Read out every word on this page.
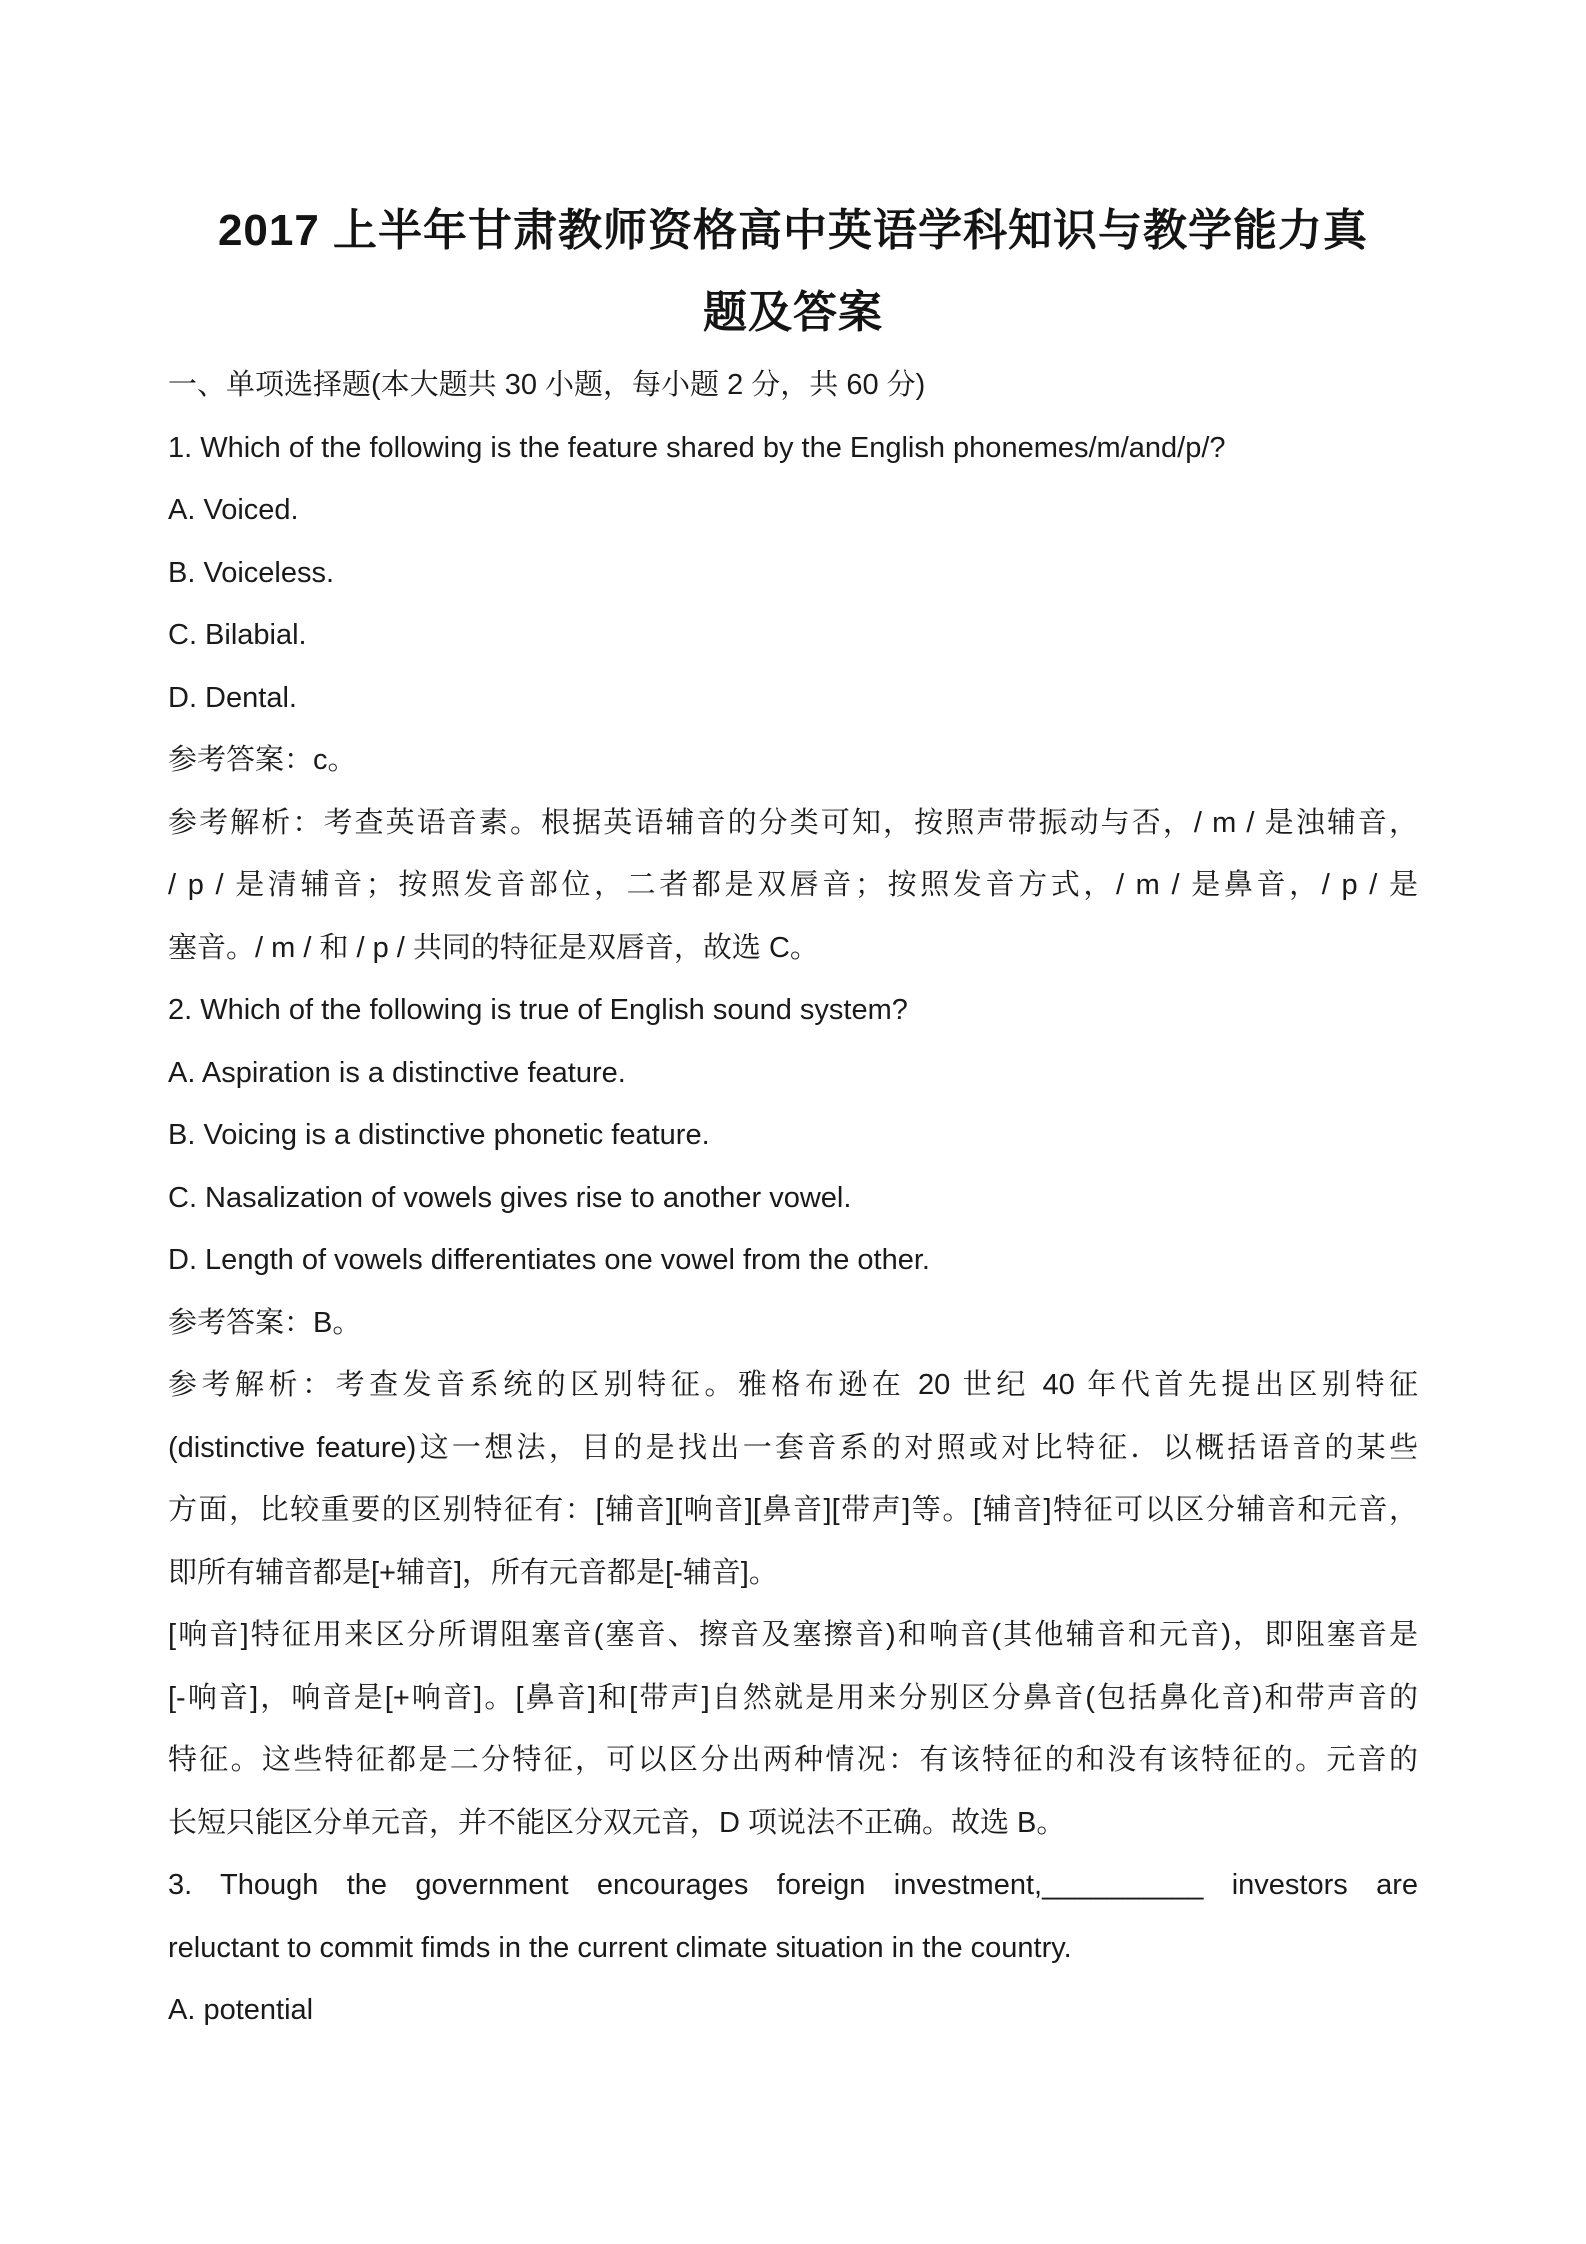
2017 上半年甘肃教师资格高中英语学科知识与教学能力真
题及答案

一、单项选择题(本大题共 30 小题，每小题 2 分，共 60 分)

1. Which of the following is the feature shared by the English phonemes/m/and/p/?

A. Voiced.

B. Voiceless.

C. Bilabial.

D. Dental.

参考答案：c。

参考解析：考查英语音素。根据英语辅音的分类可知，按照声带振动与否，/ m / 是浊辅音，

/ p / 是清辅音；按照发音部位，二者都是双唇音；按照发音方式，/ m / 是鼻音，/ p / 是

塞音。/ m / 和 / p / 共同的特征是双唇音，故选 C。

2. Which of the following is true of English sound system?

A. Aspiration is a distinctive feature.

B. Voicing is a distinctive phonetic feature.

C. Nasalization of vowels gives rise to another vowel.

D. Length of vowels differentiates one vowel from the other.

参考答案：B。

参考解析：考查发音系统的区别特征。雅格布逊在 20 世纪 40 年代首先提出区别特征

(distinctive feature)这一想法，目的是找出一套音系的对照或对比特征．以概括语音的某些

方面，比较重要的区别特征有：[辅音][响音][鼻音][带声]等。[辅音]特征可以区分辅音和元音，

即所有辅音都是[+辅音]，所有元音都是[-辅音]。

[响音]特征用来区分所谓阻塞音(塞音、擦音及塞擦音)和响音(其他辅音和元音)，即阻塞音是

[-响音]，响音是[+响音]。[鼻音]和[带声]自然就是用来分别区分鼻音(包括鼻化音)和带声音的

特征。这些特征都是二分特征，可以区分出两种情况：有该特征的和没有该特征的。元音的

长短只能区分单元音，并不能区分双元音，D 项说法不正确。故选 B。

3. Though the government encourages foreign investment,__________ investors are

reluctant to commit fimds in the current climate situation in the country.

A. potential
